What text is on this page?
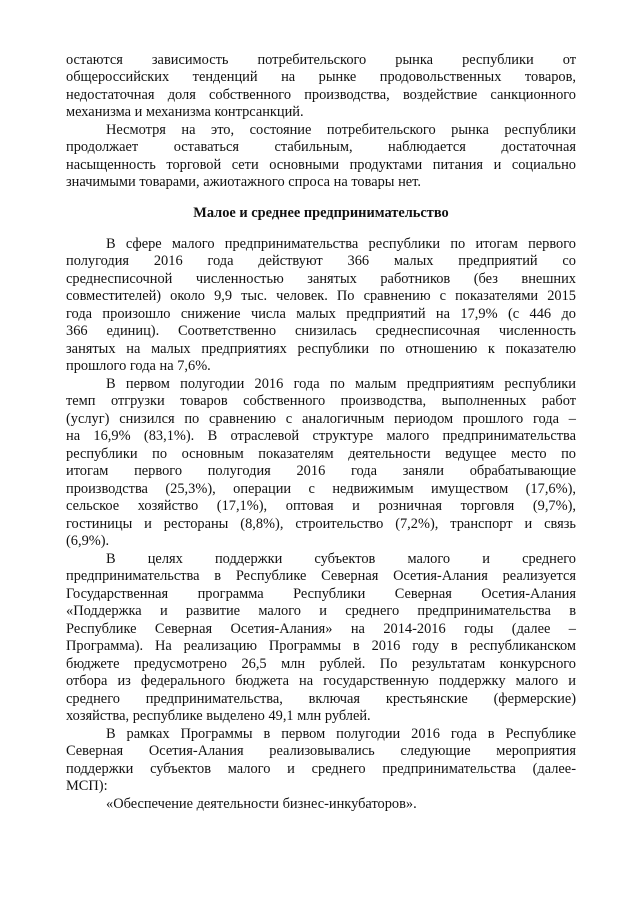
остаются зависимость потребительского рынка республики от
общероссийских тенденций на рынке продовольственных товаров,
недостаточная доля собственного производства, воздействие санкционного
механизма и механизма контрсанкций.
Несмотря на это, состояние потребительского рынка республики
продолжает оставаться стабильным, наблюдается достаточная
насыщенность торговой сети основными продуктами питания и социально
значимыми товарами, ажиотажного спроса на товары нет.
Малое и среднее предпринимательство
В сфере малого предпринимательства республики по итогам первого
полугодия 2016 года действуют 366 малых предприятий со
среднесписочной численностью занятых работников (без внешних
совместителей) около 9,9 тыс. человек. По сравнению с показателями 2015
года произошло снижение числа малых предприятий на 17,9% (с 446 до
366 единиц). Соответственно снизилась среднесписочная численность
занятых на малых предприятиях республики по отношению к показателю
прошлого года на 7,6%.
В первом полугодии 2016 года по малым предприятиям республики
темп отгрузки товаров собственного производства, выполненных работ
(услуг) снизился по сравнению с аналогичным периодом прошлого года –
на 16,9% (83,1%). В отраслевой структуре малого предпринимательства
республики по основным показателям деятельности ведущее место по
итогам первого полугодия 2016 года заняли обрабатывающие
производства (25,3%), операции с недвижимым имуществом (17,6%),
сельское хозяйство (17,1%), оптовая и розничная торговля (9,7%),
гостиницы и рестораны (8,8%), строительство (7,2%), транспорт и связь
(6,9%).
В целях поддержки субъектов малого и среднего
предпринимательства в Республике Северная Осетия-Алания реализуется
Государственная программа Республики Северная Осетия-Алания
«Поддержка и развитие малого и среднего предпринимательства в
Республике Северная Осетия-Алания» на 2014-2016 годы (далее –
Программа). На реализацию Программы в 2016 году в республиканском
бюджете предусмотрено 26,5 млн рублей. По результатам конкурсного
отбора из федерального бюджета на государственную поддержку малого и
среднего предпринимательства, включая крестьянские (фермерские)
хозяйства, республике выделено 49,1 млн рублей.
В рамках Программы в первом полугодии 2016 года в Республике
Северная Осетия-Алания реализовывались следующие мероприятия
поддержки субъектов малого и среднего предпринимательства (далее-
МСП):
«Обеспечение деятельности бизнес-инкубаторов».
